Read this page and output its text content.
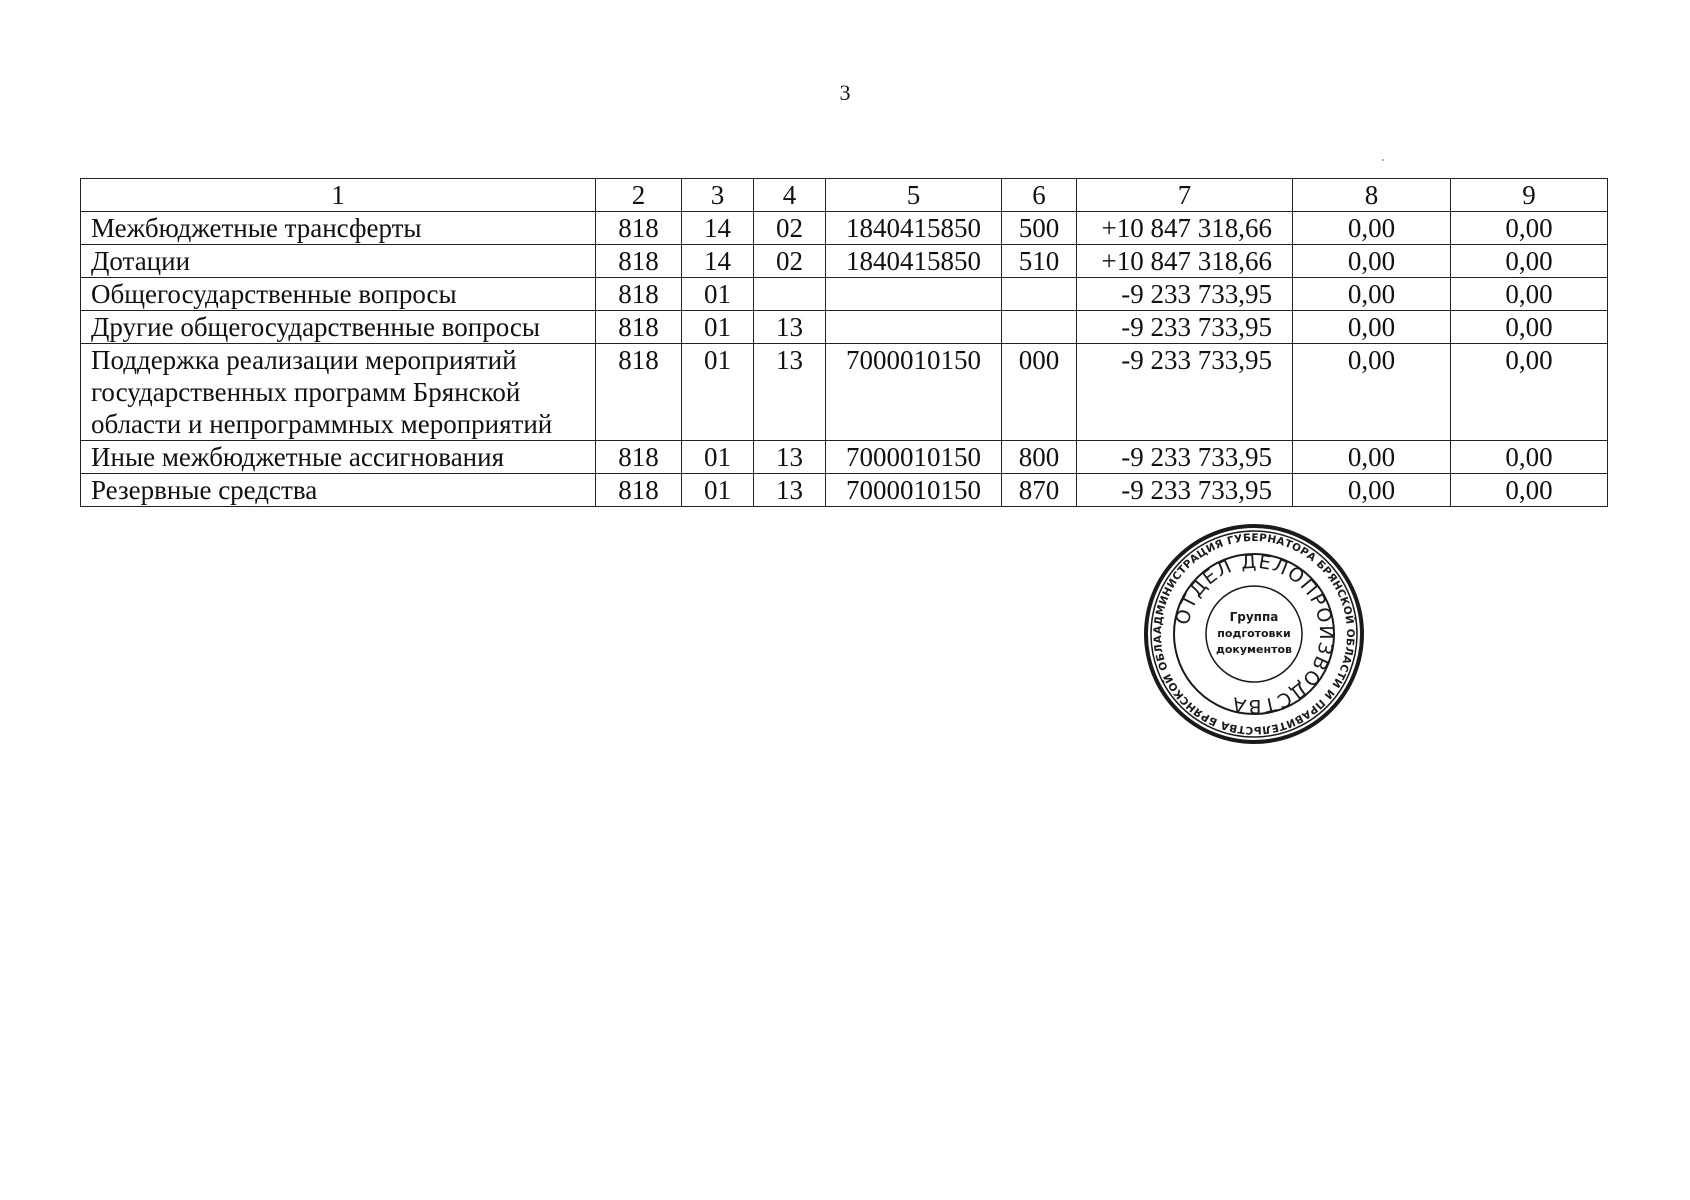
3
1	2	3	4	5	6	7	8	9
Межбюджетные трансферты	818	14	02	1840415850	500	+10 847 318,66	0,00	0,00
Дотации	818	14	02	1840415850	510	+10 847 318,66	0,00	0,00
Общегосударственные вопросы	818	01				-9 233 733,95	0,00	0,00
Другие общегосударственные вопросы	818	01	13			-9 233 733,95	0,00	0,00
Поддержка реализации мероприятий государственных программ Брянской области и непрограммных мероприятий	818	01	13	7000010150	000	-9 233 733,95	0,00	0,00
Иные межбюджетные ассигнования	818	01	13	7000010150	800	-9 233 733,95	0,00	0,00
Резервные средства	818	01	13	7000010150	870	-9 233 733,95	0,00	0,00
АДМИНИСТРАЦИЯ ГУБЕРНАТОРА БРЯНСКОЙ ОБЛАСТИ И ПРАВИТЕЛЬСТВА БРЯНСКОЙ ОБЛА
ОТДЕЛ ДЕЛОПРОИЗВОДСТВА
Группа
подготовки
документов
